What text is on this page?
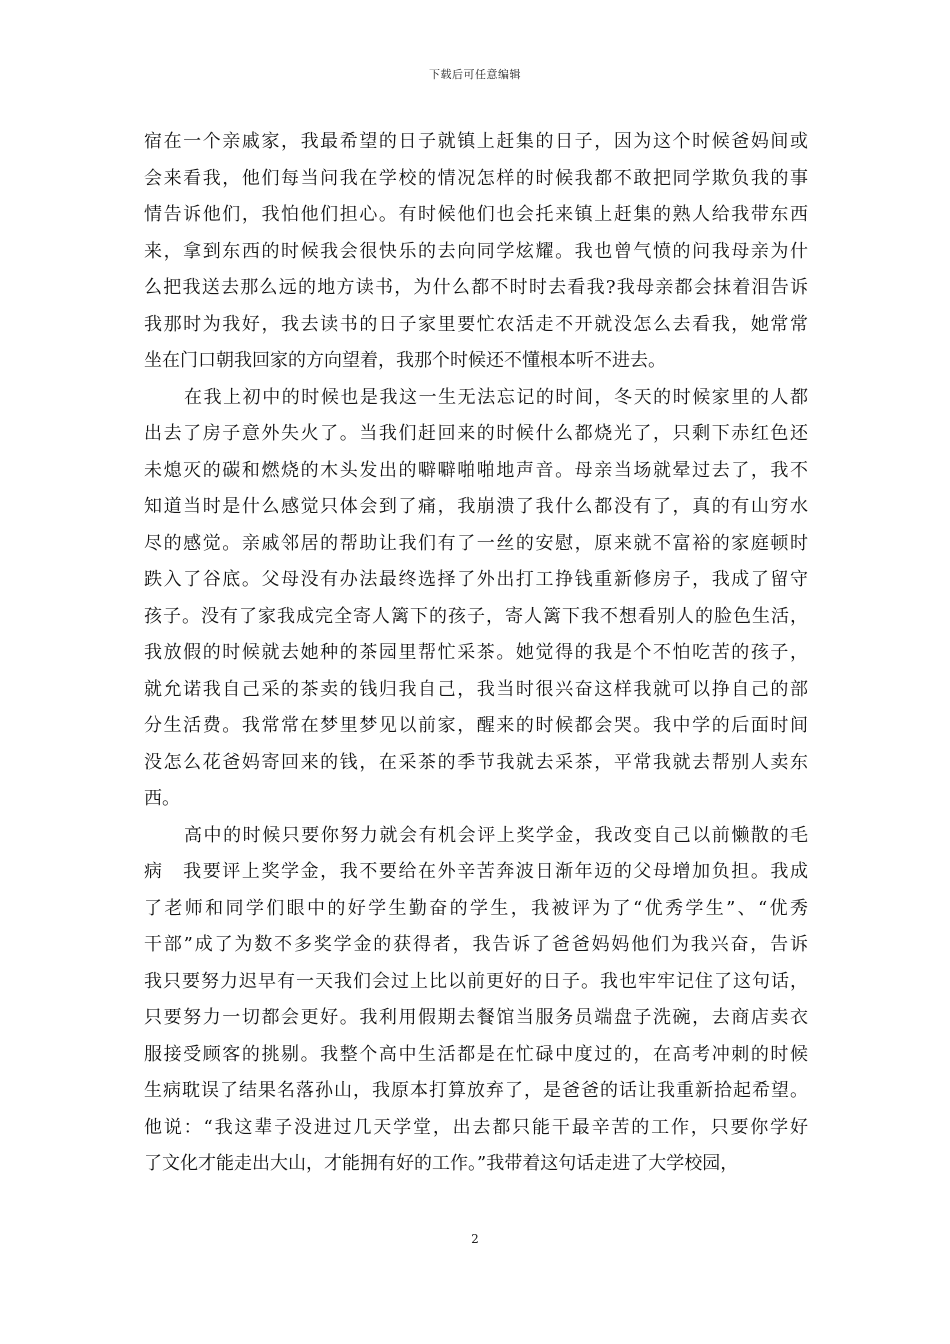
下载后可任意编辑
宿在一个亲戚家，我最希望的日子就镇上赶集的日子，因为这个时候爸妈间或
会来看我，他们每当问我在学校的情况怎样的时候我都不敢把同学欺负我的事
情告诉他们，我怕他们担心。有时候他们也会托来镇上赶集的熟人给我带东西
来，拿到东西的时候我会很快乐的去向同学炫耀。我也曾气愤的问我母亲为什
么把我送去那么远的地方读书，为什么都不时时去看我?我母亲都会抹着泪告诉
我那时为我好，我去读书的日子家里要忙农活走不开就没怎么去看我，她常常
坐在门口朝我回家的方向望着，我那个时候还不懂根本听不进去。
在我上初中的时候也是我这一生无法忘记的时间，冬天的时候家里的人都
出去了房子意外失火了。当我们赶回来的时候什么都烧光了，只剩下赤红色还
未熄灭的碳和燃烧的木头发出的噼噼啪啪地声音。母亲当场就晕过去了，我不
知道当时是什么感觉只体会到了痛，我崩溃了我什么都没有了，真的有山穷水
尽的感觉。亲戚邻居的帮助让我们有了一丝的安慰，原来就不富裕的家庭顿时
跌入了谷底。父母没有办法最终选择了外出打工挣钱重新修房子，我成了留守
孩子。没有了家我成完全寄人篱下的孩子，寄人篱下我不想看别人的脸色生活，
我放假的时候就去她种的茶园里帮忙采茶。她觉得的我是个不怕吃苦的孩子，
就允诺我自己采的茶卖的钱归我自己，我当时很兴奋这样我就可以挣自己的部
分生活费。我常常在梦里梦见以前家，醒来的时候都会哭。我中学的后面时间
没怎么花爸妈寄回来的钱，在采茶的季节我就去采茶，平常我就去帮别人卖东
西。
高中的时候只要你努力就会有机会评上奖学金，我改变自己以前懒散的毛
病　我要评上奖学金，我不要给在外辛苦奔波日渐年迈的父母增加负担。我成
了老师和同学们眼中的好学生勤奋的学生，我被评为了“优秀学生”、“优秀
干部”成了为数不多奖学金的获得者，我告诉了爸爸妈妈他们为我兴奋，告诉
我只要努力迟早有一天我们会过上比以前更好的日子。我也牢牢记住了这句话，
只要努力一切都会更好。我利用假期去餐馆当服务员端盘子洗碗，去商店卖衣
服接受顾客的挑剔。我整个高中生活都是在忙碌中度过的，在高考冲刺的时候
生病耽误了结果名落孙山，我原本打算放弃了，是爸爸的话让我重新拾起希望。
他说：“我这辈子没进过几天学堂，出去都只能干最辛苦的工作，只要你学好
了文化才能走出大山，才能拥有好的工作。”我带着这句话走进了大学校园，
2
